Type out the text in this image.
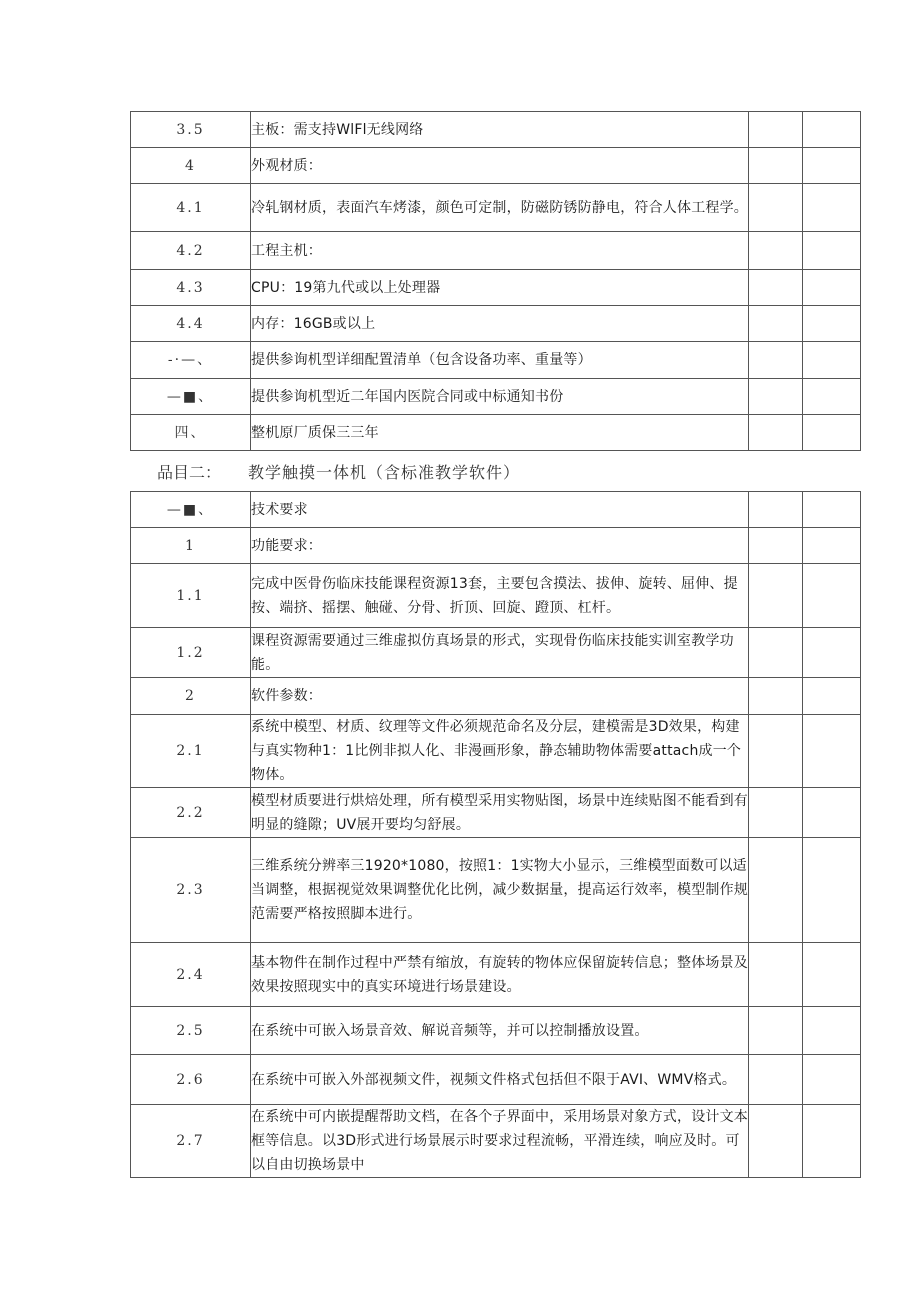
3.5	主板：需支持WlFl无线网络		
4	外观材质：		
4.1	冷轧钢材质，表面汽车烤漆，颜色可定制，防磁防锈防静电，符合人体工程学。		
4.2	工程主机：		
4.3	CPU：19第九代或以上处理器		
4.4	内存：16GB或以上		
-·—、	提供参询机型详细配置清单（包含设备功率、重量等）		
—■、	提供参询机型近二年国内医院合同或中标通知书份		
四、	整机原厂质保三三年		
品目二：	教学触摸一体机（含标准教学软件）
—■、	技术要求		
1	功能要求：		
1.1	完成中医骨伤临床技能课程资源13套，主要包含摸法、拔伸、旋转、屈伸、提按、端挤、摇摆、触碰、分骨、折顶、回旋、蹬顶、杠杆。		
1.2	课程资源需要通过三维虚拟仿真场景的形式，实现骨伤临床技能实训室教学功能。		
2	软件参数：		
2.1	系统中模型、材质、纹理等文件必须规范命名及分层，建模需是3D效果，构建与真实物种1：1比例非拟人化、非漫画形象，静态辅助物体需要attach成一个物体。		
2.2	模型材质要进行烘焙处理，所有模型采用实物贴图，场景中连续贴图不能看到有明显的缝隙；UV展开要均匀舒展。		
2.3	三维系统分辨率三1920*1080，按照1：1实物大小显示，三维模型面数可以适当调整，根据视觉效果调整优化比例，减少数据量，提高运行效率，模型制作规范需要严格按照脚本进行。		
2.4	基本物件在制作过程中严禁有缩放，有旋转的物体应保留旋转信息；整体场景及效果按照现实中的真实环境进行场景建设。		
2.5	在系统中可嵌入场景音效、解说音频等，并可以控制播放设置。		
2.6	在系统中可嵌入外部视频文件，视频文件格式包括但不限于AVI、WMV格式。		
2.7	在系统中可内嵌提醒帮助文档，在各个子界面中，采用场景对象方式，设计文本框等信息。以3D形式进行场景展示时要求过程流畅，平滑连续，响应及时。可以自由切换场景中		
